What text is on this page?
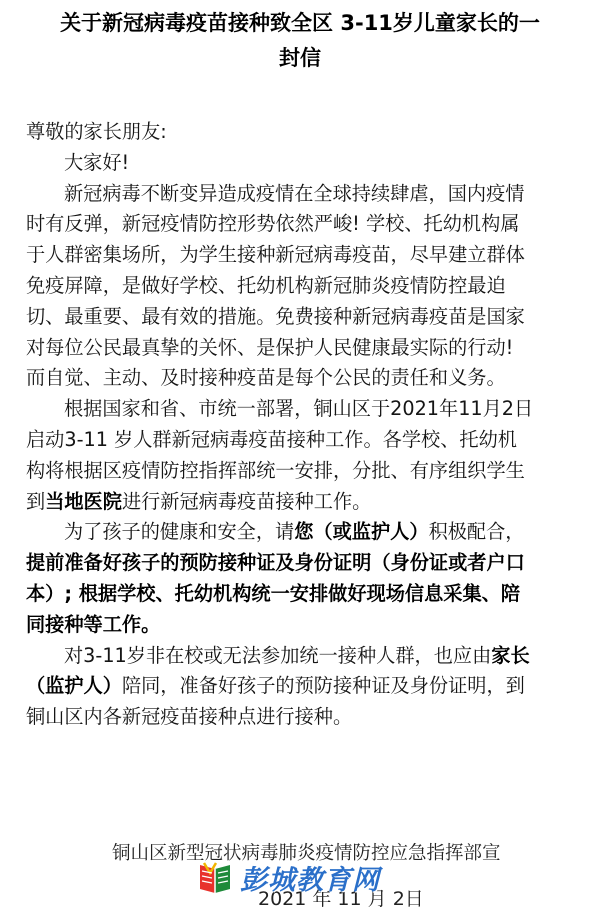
关于新冠病毒疫苗接种致全区 3-11岁儿童家长的一
封信
尊敬的家长朋友:
大家好!
新冠病毒不断变异造成疫情在全球持续肆虐，国内疫情
时有反弹，新冠疫情防控形势依然严峻! 学校、托幼机构属
于人群密集场所，为学生接种新冠病毒疫苗，尽早建立群体
免疫屏障，是做好学校、托幼机构新冠肺炎疫情防控最迫
切、最重要、最有效的措施。免费接种新冠病毒疫苗是国家
对每位公民最真挚的关怀、是保护人民健康最实际的行动!
而自觉、主动、及时接种疫苗是每个公民的责任和义务。
根据国家和省、市统一部署，铜山区于2021年11月2日
启动3-11 岁人群新冠病毒疫苗接种工作。各学校、托幼机
构将根据区疫情防控指挥部统一安排，分批、有序组织学生
到当地医院进行新冠病毒疫苗接种工作。
为了孩子的健康和安全，请您（或监护人）积极配合，
提前准备好孩子的预防接种证及身份证明（身份证或者户口
本）; 根据学校、托幼机构统一安排做好现场信息采集、陪
同接种等工作。
对3-11岁非在校或无法参加统一接种人群，也应由家长
（监护人）陪同，准备好孩子的预防接种证及身份证明，到
铜山区内各新冠疫苗接种点进行接种。
铜山区新型冠状病毒肺炎疫情防控应急指挥部宣
2021 年 11 月 2日
彭城教育网
